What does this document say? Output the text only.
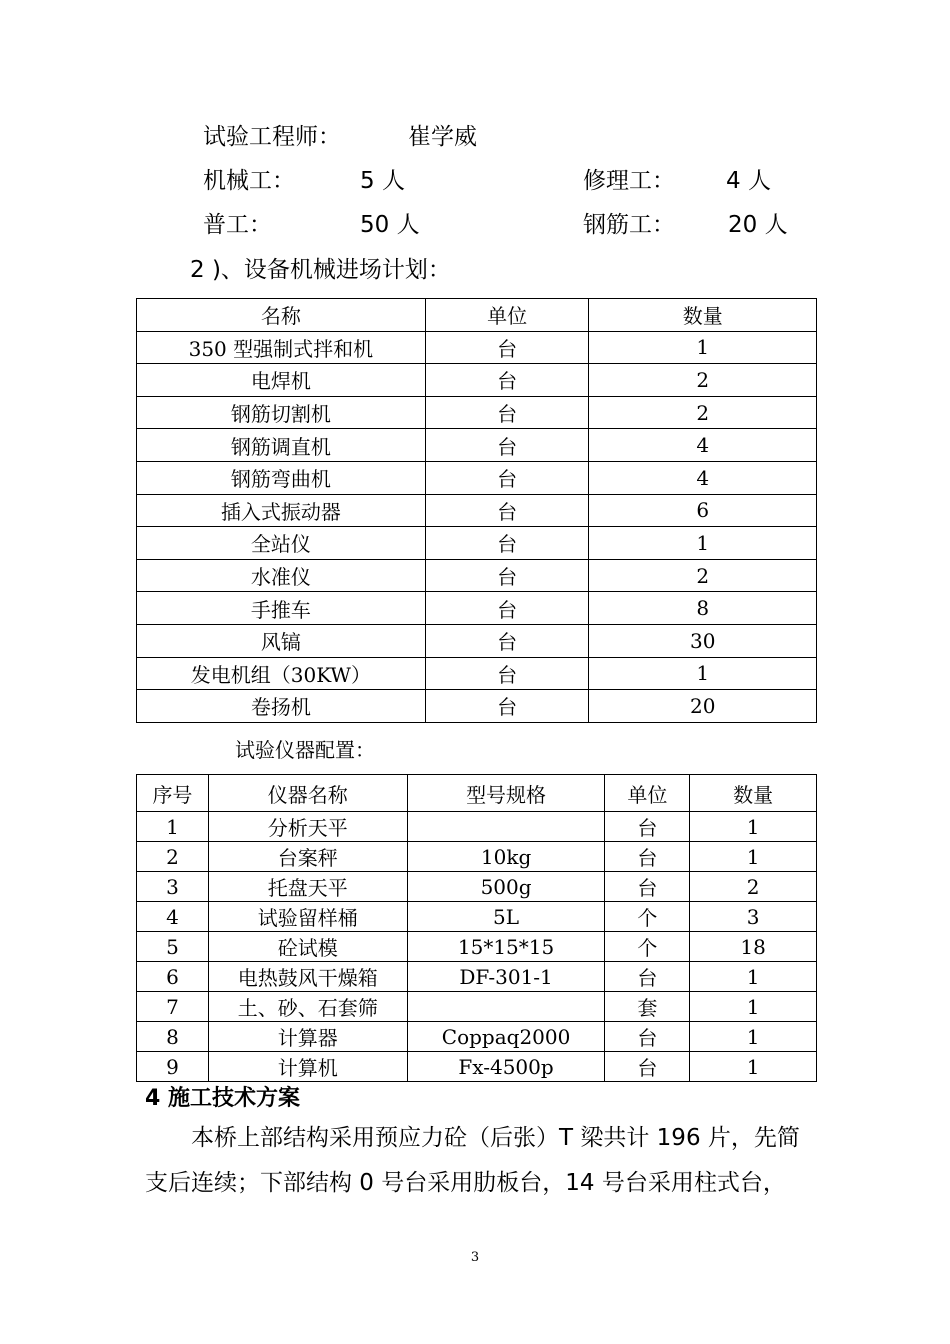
试验工程师：	崔学威
机械工：	5 人	修理工： 4 人
普工：	50 人	钢筋工： 20 人
2 )、设备机械进场计划：
名称	单位	数量
350 型强制式拌和机	台	1
电焊机	台	2
钢筋切割机	台	2
钢筋调直机	台	4
钢筋弯曲机	台	4
插入式振动器	台	6
全站仪	台	1
水准仪	台	2
手推车	台	8
风镐	台	30
发电机组（30KW）	台	1
卷扬机	台	20
试验仪器配置：
序号	仪器名称	型号规格	单位	数量
1	分析天平		台	1
2	台案秤	10kg	台	1
3	托盘天平	500g	台	2
4	试验留样桶	5L	个	3
5	砼试模	15*15*15	个	18
6	电热鼓风干燥箱	DF-301-1	台	1
7	土、砂、石套筛		套	1
8	计算器	Coppaq2000	台	1
9	计算机	Fx-4500p	台	1
4 施工技术方案
本桥上部结构采用预应力砼（后张）T 梁共计 196 片，先简
支后连续；下部结构 0 号台采用肋板台，14 号台采用柱式台，
3
